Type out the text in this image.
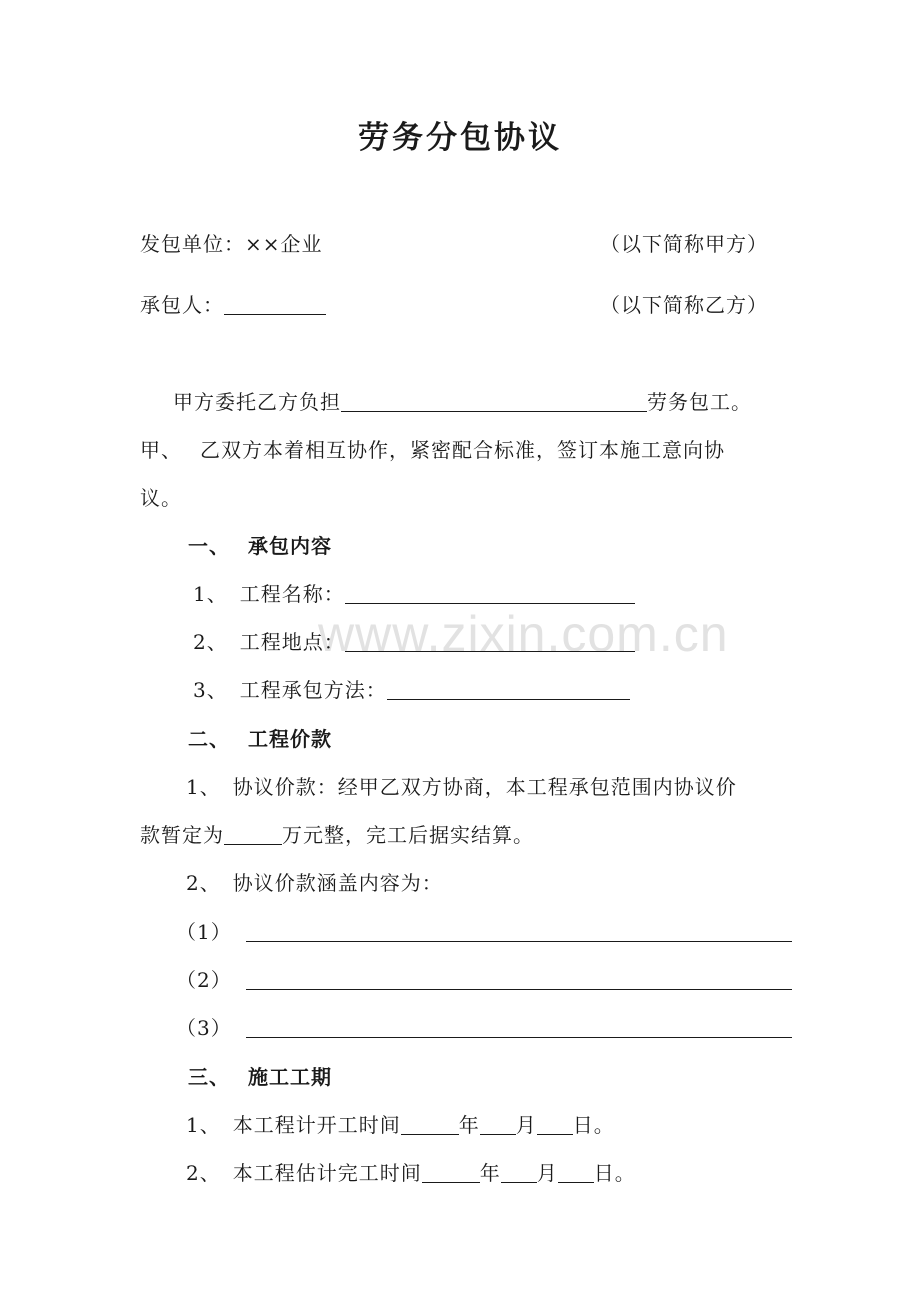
www.zixin.com.cn
劳务分包协议
发包单位：××企业	（以下简称甲方）
承包人：	（以下简称乙方）
甲方委托乙方负担	劳务包工。
甲、 乙双方本着相互协作，紧密配合标准，签订本施工意向协
议。
一、 承包内容
1、 工程名称：
2、 工程地点：
3、 工程承包方法：
二、 工程价款
1、 协议价款：经甲乙双方协商，本工程承包范围内协议价
款暂定为	万元整，完工后据实结算。
2、 协议价款涵盖内容为：
（1）
（2）
（3）
三、 施工工期
1、 本工程计开工时间	年 月 日。
2、 本工程估计完工时间	年 月 日。
